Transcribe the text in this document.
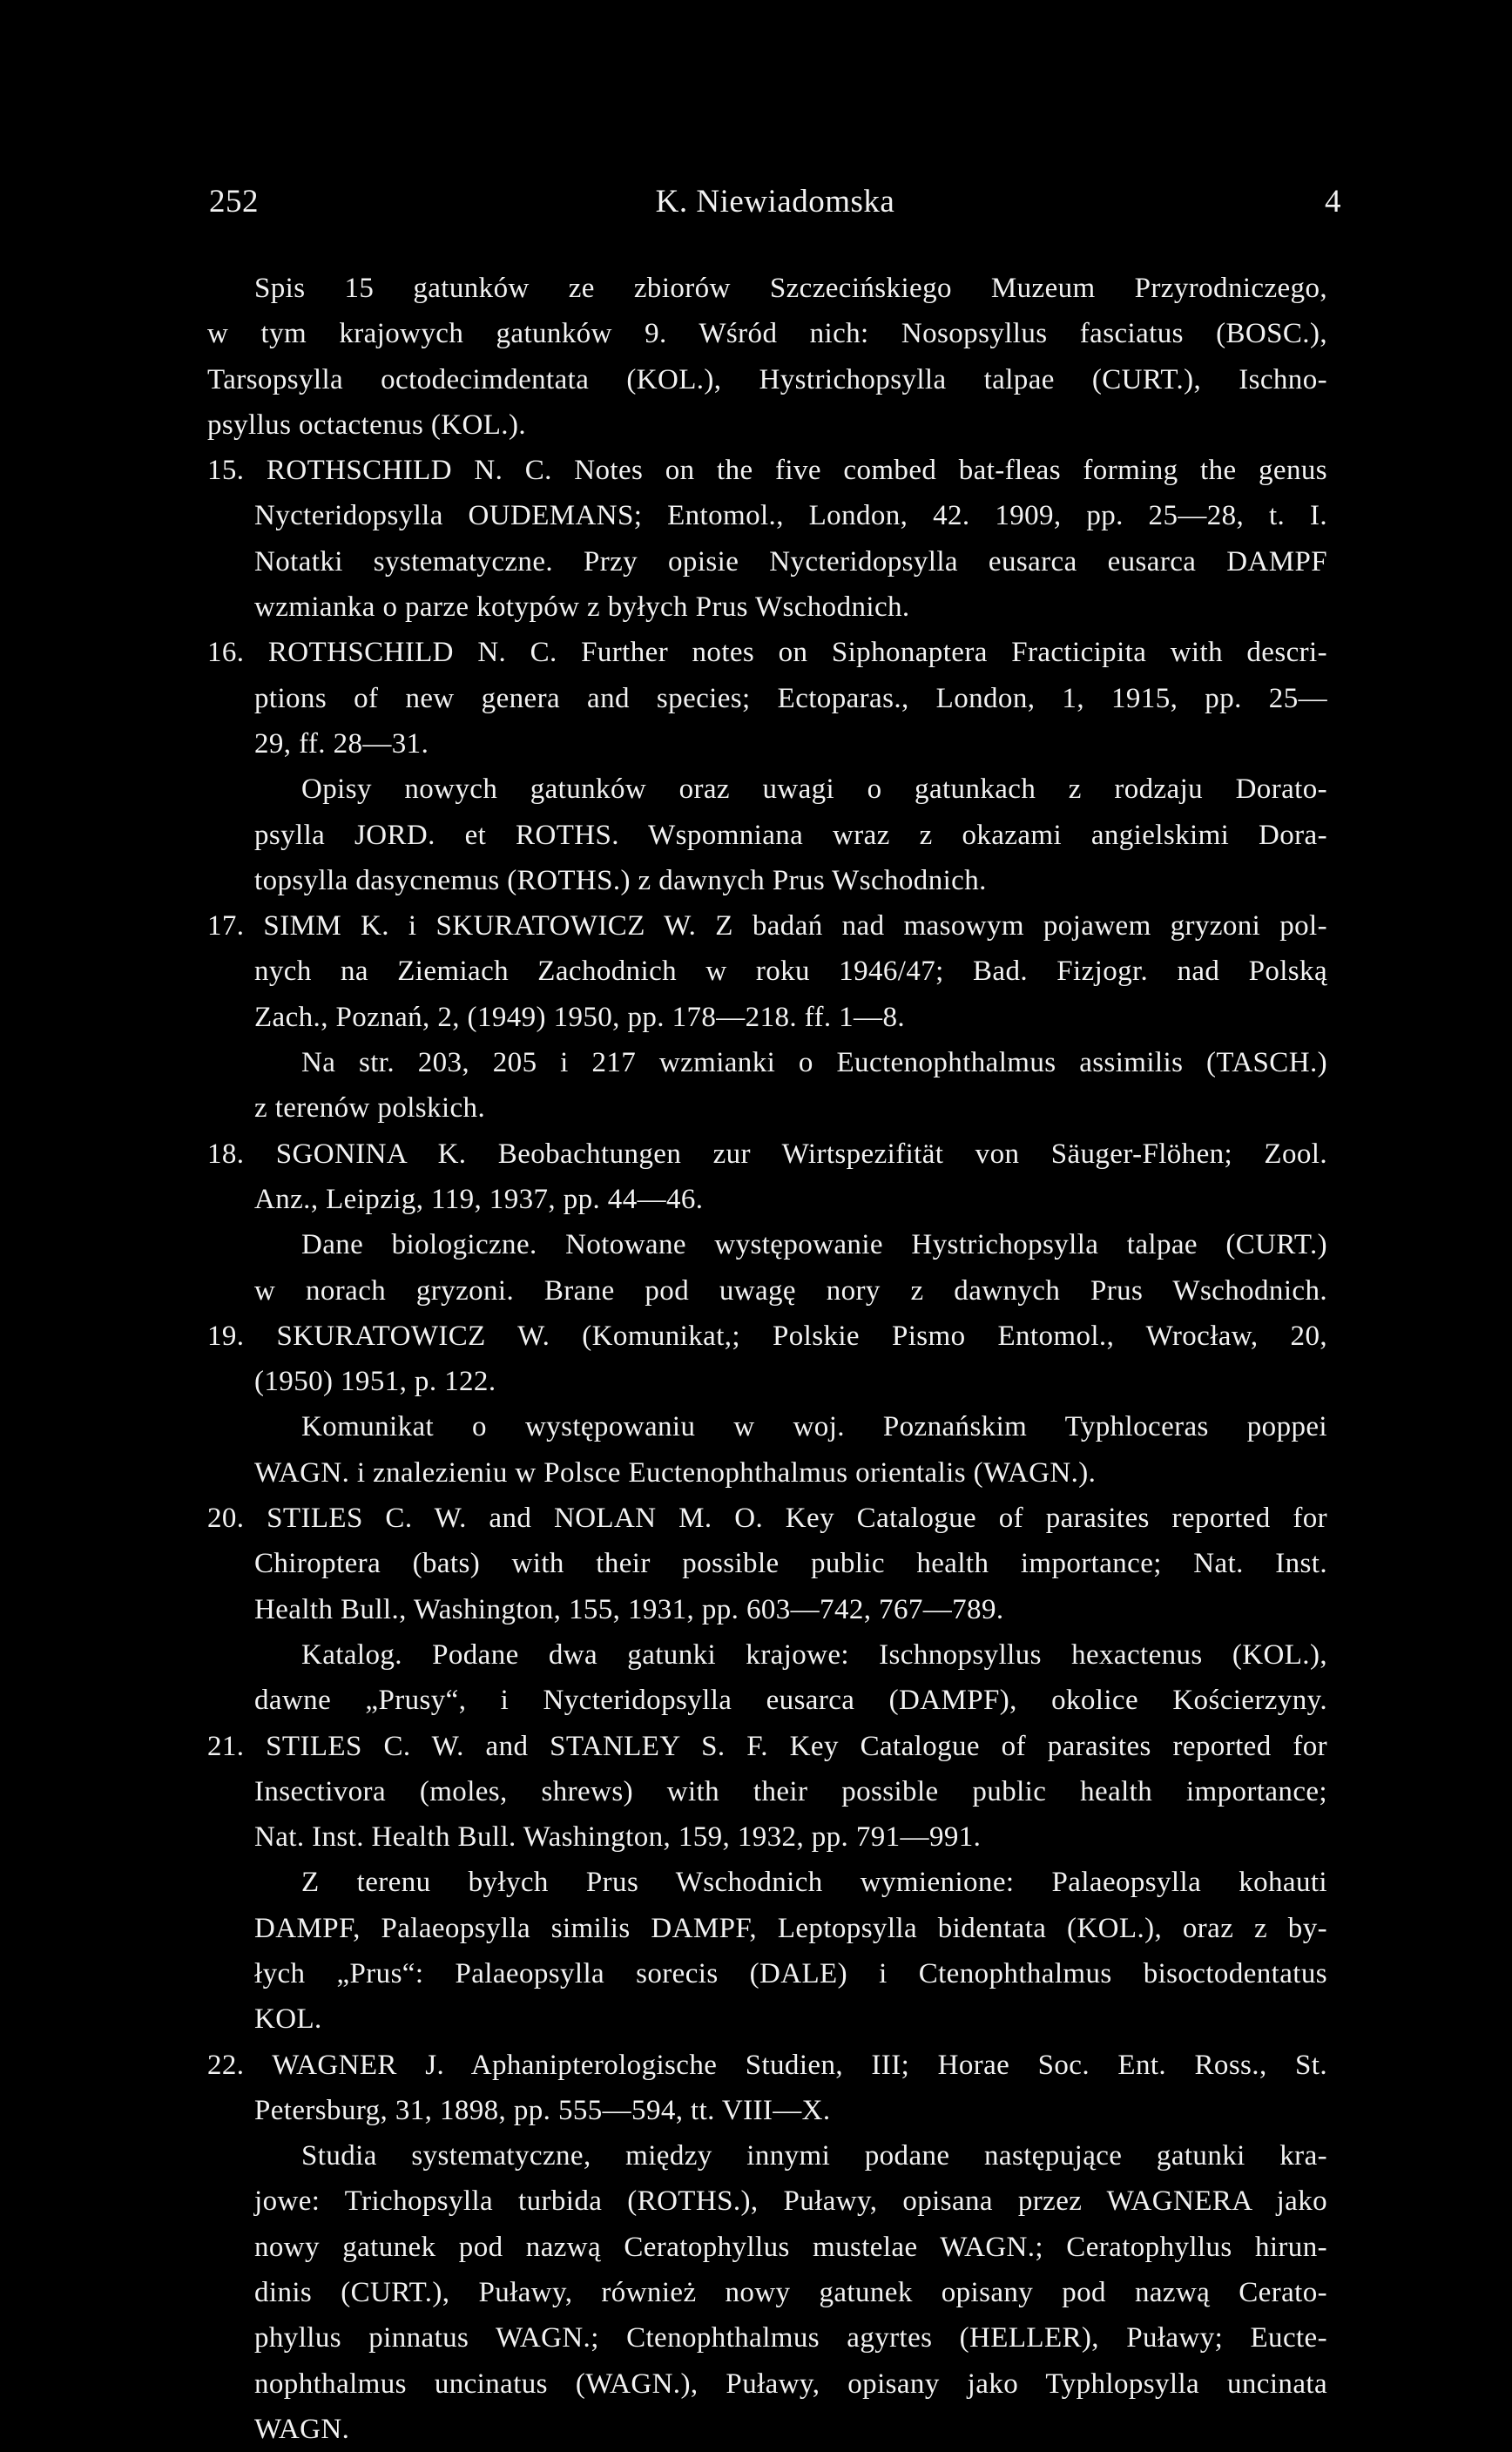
252	K. Niewiadomska	4
Spis 15 gatunków ze zbiorów Szczecińskiego Muzeum Przyrodniczego,
w tym krajowych gatunków 9. Wśród nich: Nosopsyllus fasciatus (BOSC.),
Tarsopsylla octodecimdentata (KOL.), Hystrichopsylla talpae (CURT.), Ischno-
psyllus octactenus (KOL.).
15. ROTHSCHILD N. C. Notes on the five combed bat-fleas forming the genus
Nycteridopsylla OUDEMANS; Entomol., London, 42. 1909, pp. 25—28, t. I.
Notatki systematyczne. Przy opisie Nycteridopsylla eusarca eusarca DAMPF
wzmianka o parze kotypów z byłych Prus Wschodnich.
16. ROTHSCHILD N. C. Further notes on Siphonaptera Fracticipita with descri-
ptions of new genera and species; Ectoparas., London, 1, 1915, pp. 25—
29, ff. 28—31.
Opisy nowych gatunków oraz uwagi o gatunkach z rodzaju Dorato-
psylla JORD. et ROTHS. Wspomniana wraz z okazami angielskimi Dora-
topsylla dasycnemus (ROTHS.) z dawnych Prus Wschodnich.
17. SIMM K. i SKURATOWICZ W. Z badań nad masowym pojawem gryzoni pol-
nych na Ziemiach Zachodnich w roku 1946/47; Bad. Fizjogr. nad Polską
Zach., Poznań, 2, (1949) 1950, pp. 178—218. ff. 1—8.
Na str. 203, 205 i 217 wzmianki o Euctenophthalmus assimilis (TASCH.)
z terenów polskich.
18. SGONINA K. Beobachtungen zur Wirtspezifität von Säuger-Flöhen; Zool.
Anz., Leipzig, 119, 1937, pp. 44—46.
Dane biologiczne. Notowane występowanie Hystrichopsylla talpae (CURT.)
w norach gryzoni. Brane pod uwagę nory z dawnych Prus Wschodnich.
19. SKURATOWICZ W. (Komunikat,; Polskie Pismo Entomol., Wrocław, 20,
(1950) 1951, p. 122.
Komunikat o występowaniu w woj. Poznańskim Typhloceras poppei
WAGN. i znalezieniu w Polsce Euctenophthalmus orientalis (WAGN.).
20. STILES C. W. and NOLAN M. O. Key Catalogue of parasites reported for
Chiroptera (bats) with their possible public health importance; Nat. Inst.
Health Bull., Washington, 155, 1931, pp. 603—742, 767—789.
Katalog. Podane dwa gatunki krajowe: Ischnopsyllus hexactenus (KOL.),
dawne „Prusy“, i Nycteridopsylla eusarca (DAMPF), okolice Kościerzyny.
21. STILES C. W. and STANLEY S. F. Key Catalogue of parasites reported for
Insectivora (moles, shrews) with their possible public health importance;
Nat. Inst. Health Bull. Washington, 159, 1932, pp. 791—991.
Z terenu byłych Prus Wschodnich wymienione: Palaeopsylla kohauti
DAMPF, Palaeopsylla similis DAMPF, Leptopsylla bidentata (KOL.), oraz z by-
łych „Prus“: Palaeopsylla sorecis (DALE) i Ctenophthalmus bisoctodentatus
KOL.
22. WAGNER J. Aphanipterologische Studien, III; Horae Soc. Ent. Ross., St.
Petersburg, 31, 1898, pp. 555—594, tt. VIII—X.
Studia systematyczne, między innymi podane następujące gatunki kra-
jowe: Trichopsylla turbida (ROTHS.), Puławy, opisana przez WAGNERA jako
nowy gatunek pod nazwą Ceratophyllus mustelae WAGN.; Ceratophyllus hirun-
dinis (CURT.), Puławy, również nowy gatunek opisany pod nazwą Cerato-
phyllus pinnatus WAGN.; Ctenophthalmus agyrtes (HELLER), Puławy; Eucte-
nophthalmus uncinatus (WAGN.), Puławy, opisany jako Typhlopsylla uncinata
WAGN.
